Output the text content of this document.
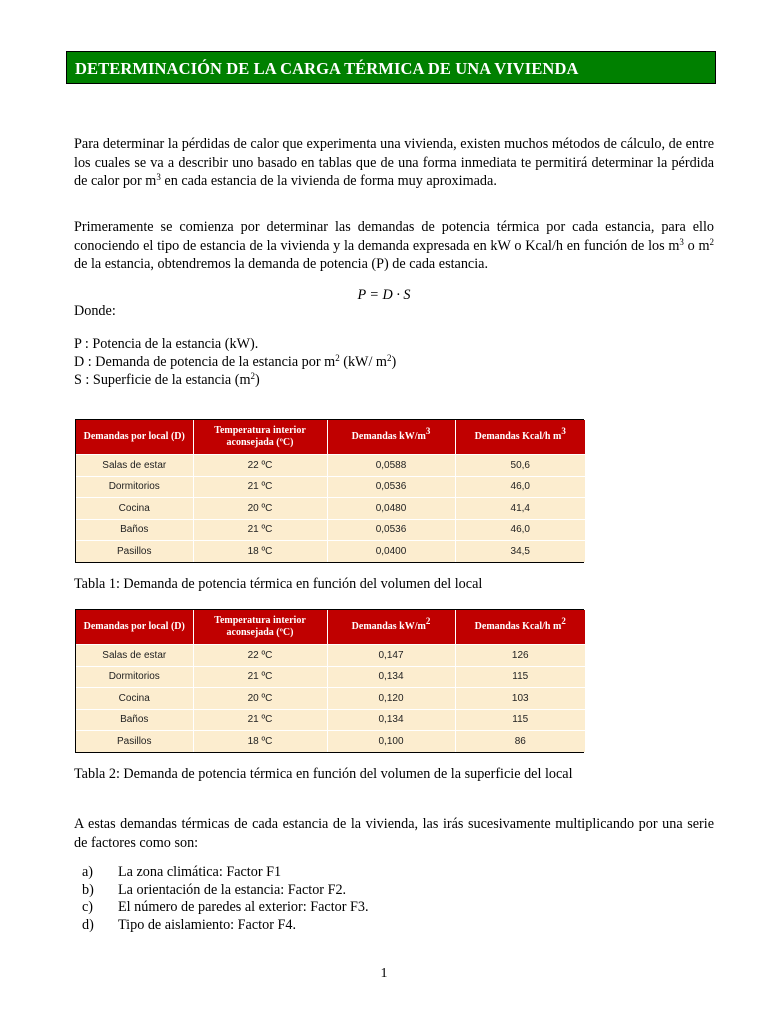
DETERMINACIÓN DE LA CARGA TÉRMICA DE UNA VIVIENDA

Para determinar la pérdidas de calor que experimenta una vivienda, existen muchos métodos de cálculo, de entre los cuales se va a describir uno basado en tablas que de una forma inmediata te permitirá determinar la pérdida de calor por $m^3$ en cada estancia de la vivienda de forma muy aproximada.

Primeramente se comienza por determinar las demandas de potencia térmica por cada estancia, para ello conociendo el tipo de estancia de la vivienda y la demanda expresada en kW o Kcal/h en función de los $m^3$ o $m^2$ de la estancia, obtendremos la demanda de potencia (P) de cada estancia.

P = D · S

Donde:

P : Potencia de la estancia (kW).

D : Demanda de potencia de la estancia por $m^2$ (kW/ $m^2$)

S : Superficie de la estancia $(m^2)$

Demandas por local (D)	Temperatura interior aconsejada (ºC)	Demandas $kW/m^3$	Demandas Kcal/h $m^3$
Salas de estar	22 ºC	0,0588	50,6
Dormitorios	21 ºC	0,0536	46,0
Cocina	20 ºC	0,0480	41,4
Baños	21 ºC	0,0536	46,0
Pasillos	18 ºC	0,0400	34,5
Tabla 1: Demanda de potencia térmica en función del volumen del local
Demandas por local (D)	Temperatura interior aconsejada (ºC)	Demandas $kW/m^2$	Demandas Kcal/h $m^2$
Salas de estar	22 ºC	0,147	126
Dormitorios	21 ºC	0,134	115
Cocina	20 ºC	0,120	103
Baños	21 ºC	0,134	115
Pasillos	18 ºC	0,100	86
Tabla 2: Demanda de potencia térmica en función del volumen de la superficie del local

A estas demandas térmicas de cada estancia de la vivienda, las irás sucesivamente multiplicando por una serie de factores como son:

a) La zona climática: Factor F1
b) La orientación de la estancia: Factor F2.
c) El número de paredes al exterior: Factor F3.
d) Tipo de aislamiento: Factor F4.
1
